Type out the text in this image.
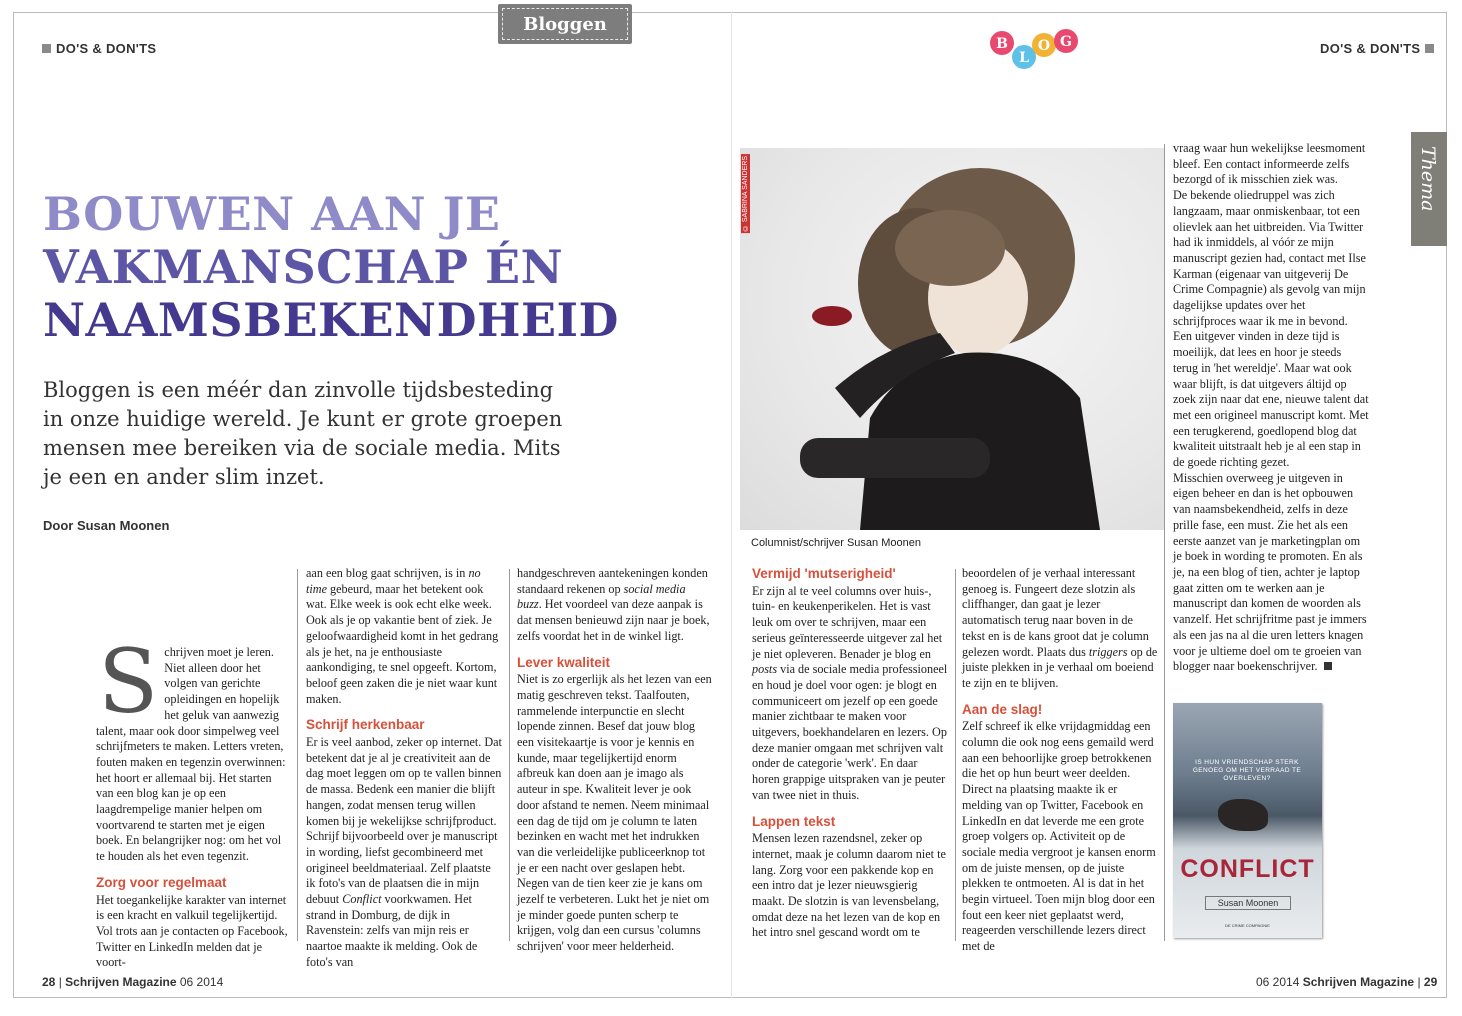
DO'S & DON'TS	DO'S & DON'TS
Bloggen
B
L
O G
Thema
BOUWEN AAN JE
VAKMANSCHAP ÉN
NAAMSBEKENDHEID

Bloggen is een méér dan zinvolle tijdsbesteding in onze huidige wereld. Je kunt er grote groepen mensen mee bereiken via de sociale media. Mits je een en ander slim inzet.

Door Susan Moonen
© SABRINA SANDERS
Columnist/schrijver Susan Moonen

Schrijven moet je leren. Niet alleen door het volgen van gerichte opleidingen en hopelijk het geluk van aanwezig talent, maar ook door simpelweg veel schrijfmeters te maken. Letters vreten, fouten maken en tegenzin overwinnen: het hoort er allemaal bij. Het starten van een blog kan je op een laagdrempelige manier helpen om voortvarend te starten met je eigen boek. En belangrijker nog: om het vol te houden als het even tegenzit.

Zorg voor regelmaat

Het toegankelijke karakter van internet is een kracht en valkuil tegelijkertijd. Vol trots aan je contacten op Facebook, Twitter en LinkedIn melden dat je voort-

aan een blog gaat schrijven, is in no time gebeurd, maar het betekent ook wat. Elke week is ook echt elke week. Ook als je op vakantie bent of ziek. Je geloofwaardigheid komt in het gedrang als je het, na je enthousiaste aankondiging, te snel opgeeft. Kortom, beloof geen zaken die je niet waar kunt maken.

Schrijf herkenbaar

Er is veel aanbod, zeker op internet. Dat betekent dat je al je creativiteit aan de dag moet leggen om op te vallen binnen de massa. Bedenk een manier die blijft hangen, zodat mensen terug willen komen bij je wekelijkse schrijfproduct. Schrijf bijvoorbeeld over je manuscript in wording, liefst gecombineerd met origineel beeldmateriaal. Zelf plaatste ik foto's van de plaatsen die in mijn debuut Conflict voorkwamen. Het strand in Domburg, de dijk in Ravenstein: zelfs van mijn reis er naartoe maakte ik melding. Ook de foto's van

handgeschreven aantekeningen konden standaard rekenen op social media buzz. Het voordeel van deze aanpak is dat mensen benieuwd zijn naar je boek, zelfs voordat het in de winkel ligt.

Lever kwaliteit

Niet is zo ergerlijk als het lezen van een matig geschreven tekst. Taalfouten, rammelende interpunctie en slecht lopende zinnen. Besef dat jouw blog een visitekaartje is voor je kennis en kunde, maar tegelijkertijd enorm afbreuk kan doen aan je imago als auteur in spe. Kwaliteit lever je ook door afstand te nemen. Neem minimaal een dag de tijd om je column te laten bezinken en wacht met het indrukken van die verleidelijke publiceerknop tot je er een nacht over geslapen hebt. Negen van de tien keer zie je kans om jezelf te verbeteren. Lukt het je niet om je minder goede punten scherp te krijgen, volg dan een cursus 'columns schrijven' voor meer helderheid.

Vermijd 'mutserigheid'

Er zijn al te veel columns over huis-, tuin- en keukenperikelen. Het is vast leuk om over te schrijven, maar een serieus geïnteresseerde uitgever zal het je niet opleveren. Benader je blog en posts via de sociale media professioneel en houd je doel voor ogen: je blogt en communiceert om jezelf op een goede manier zichtbaar te maken voor uitgevers, boekhandelaren en lezers. Op deze manier omgaan met schrijven valt onder de categorie 'werk'. En daar horen grappige uitspraken van je peuter van twee niet in thuis.

Lappen tekst

Mensen lezen razendsnel, zeker op internet, maak je column daarom niet te lang. Zorg voor een pakkende kop en een intro dat je lezer nieuwsgierig maakt. De slotzin is van levensbelang, omdat deze na het lezen van de kop en het intro snel gescand wordt om te

beoordelen of je verhaal interessant genoeg is. Fungeert deze slotzin als cliffhanger, dan gaat je lezer automatisch terug naar boven in de tekst en is de kans groot dat je column gelezen wordt. Plaats dus triggers op de juiste plekken in je verhaal om boeiend te zijn en te blijven.

Aan de slag!

Zelf schreef ik elke vrijdagmiddag een column die ook nog eens gemaild werd aan een behoorlijke groep betrokkenen die het op hun beurt weer deelden. Direct na plaatsing maakte ik er melding van op Twitter, Facebook en LinkedIn en dat leverde me een grote groep volgers op. Activiteit op de sociale media vergroot je kansen enorm om de juiste mensen, op de juiste plekken te ontmoeten. Al is dat in het begin virtueel. Toen mijn blog door een fout een keer niet geplaatst werd, reageerden verschillende lezers direct met de

vraag waar hun wekelijkse leesmoment bleef. Een contact informeerde zelfs bezorgd of ik misschien ziek was.

De bekende oliedruppel was zich langzaam, maar onmiskenbaar, tot een olievlek aan het uitbreiden. Via Twitter had ik inmiddels, al vóór ze mijn manuscript gezien had, contact met Ilse Karman (eigenaar van uitgeverij De Crime Compagnie) als gevolg van mijn dagelijkse updates over het schrijfproces waar ik me in bevond. Een uitgever vinden in deze tijd is moeilijk, dat lees en hoor je steeds terug in 'het wereldje'. Maar wat ook waar blijft, is dat uitgevers áltijd op zoek zijn naar dat ene, nieuwe talent dat met een origineel manuscript komt. Met een terugkerend, goedlopend blog dat kwaliteit uitstraalt heb je al een stap in de goede richting gezet.

Misschien overweeg je uitgeven in eigen beheer en dan is het opbouwen van naamsbekendheid, zelfs in deze prille fase, een must. Zie het als een eerste aanzet van je marketingplan om je boek in wording te promoten. En als je, na een blog of tien, achter je laptop gaat zitten om te werken aan je manuscript dan komen de woorden als vanzelf. Het schrijfritme past je immers als een jas na al die uren letters knagen voor je ultieme doel om te groeien van blogger naar boekenschrijver.

IS HUN VRIENDSCHAP STERK GENOEG OM HET VERRAAD TE OVERLEVEN?
CONFLICT
Susan Moonen
DE CRIME COMPAGNIE
28 | Schrijven Magazine 06 2014	06 2014 Schrijven Magazine | 29
